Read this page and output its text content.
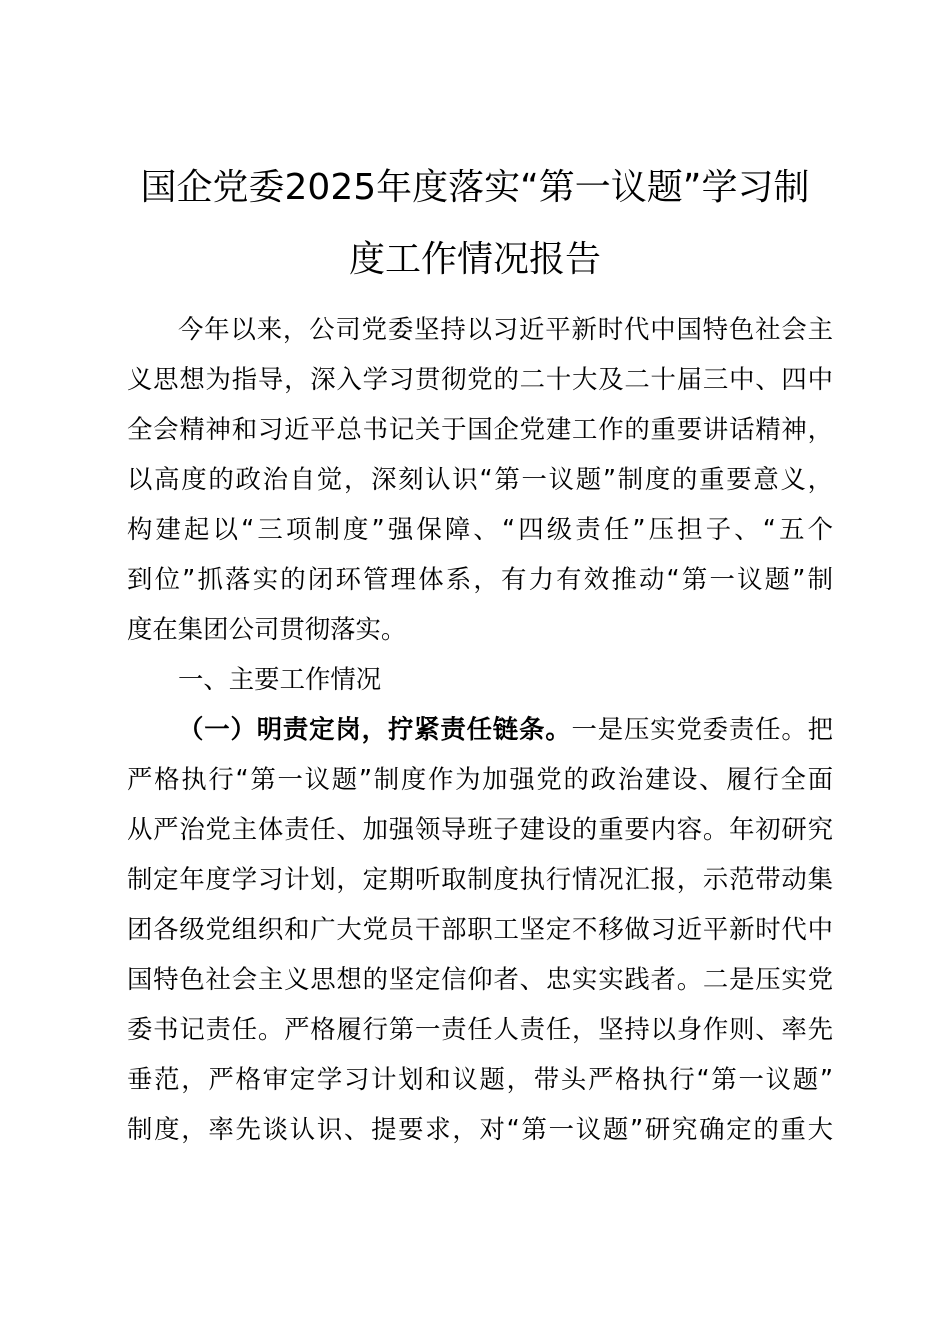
国企党委2025年度落实“第一议题”学习制
度工作情况报告
今年以来，公司党委坚持以习近平新时代中国特色社会主
义思想为指导，深入学习贯彻党的二十大及二十届三中、四中
全会精神和习近平总书记关于国企党建工作的重要讲话精神，
以高度的政治自觉，深刻认识“第一议题”制度的重要意义，
构建起以“三项制度”强保障、“四级责任”压担子、“五个
到位”抓落实的闭环管理体系，有力有效推动“第一议题”制
度在集团公司贯彻落实。
一、主要工作情况
（一）明责定岗，拧紧责任链条。一是压实党委责任。把
严格执行“第一议题”制度作为加强党的政治建设、履行全面
从严治党主体责任、加强领导班子建设的重要内容。年初研究
制定年度学习计划，定期听取制度执行情况汇报，示范带动集
团各级党组织和广大党员干部职工坚定不移做习近平新时代中
国特色社会主义思想的坚定信仰者、忠实实践者。二是压实党
委书记责任。严格履行第一责任人责任，坚持以身作则、率先
垂范，严格审定学习计划和议题，带头严格执行“第一议题”
制度，率先谈认识、提要求，对“第一议题”研究确定的重大
